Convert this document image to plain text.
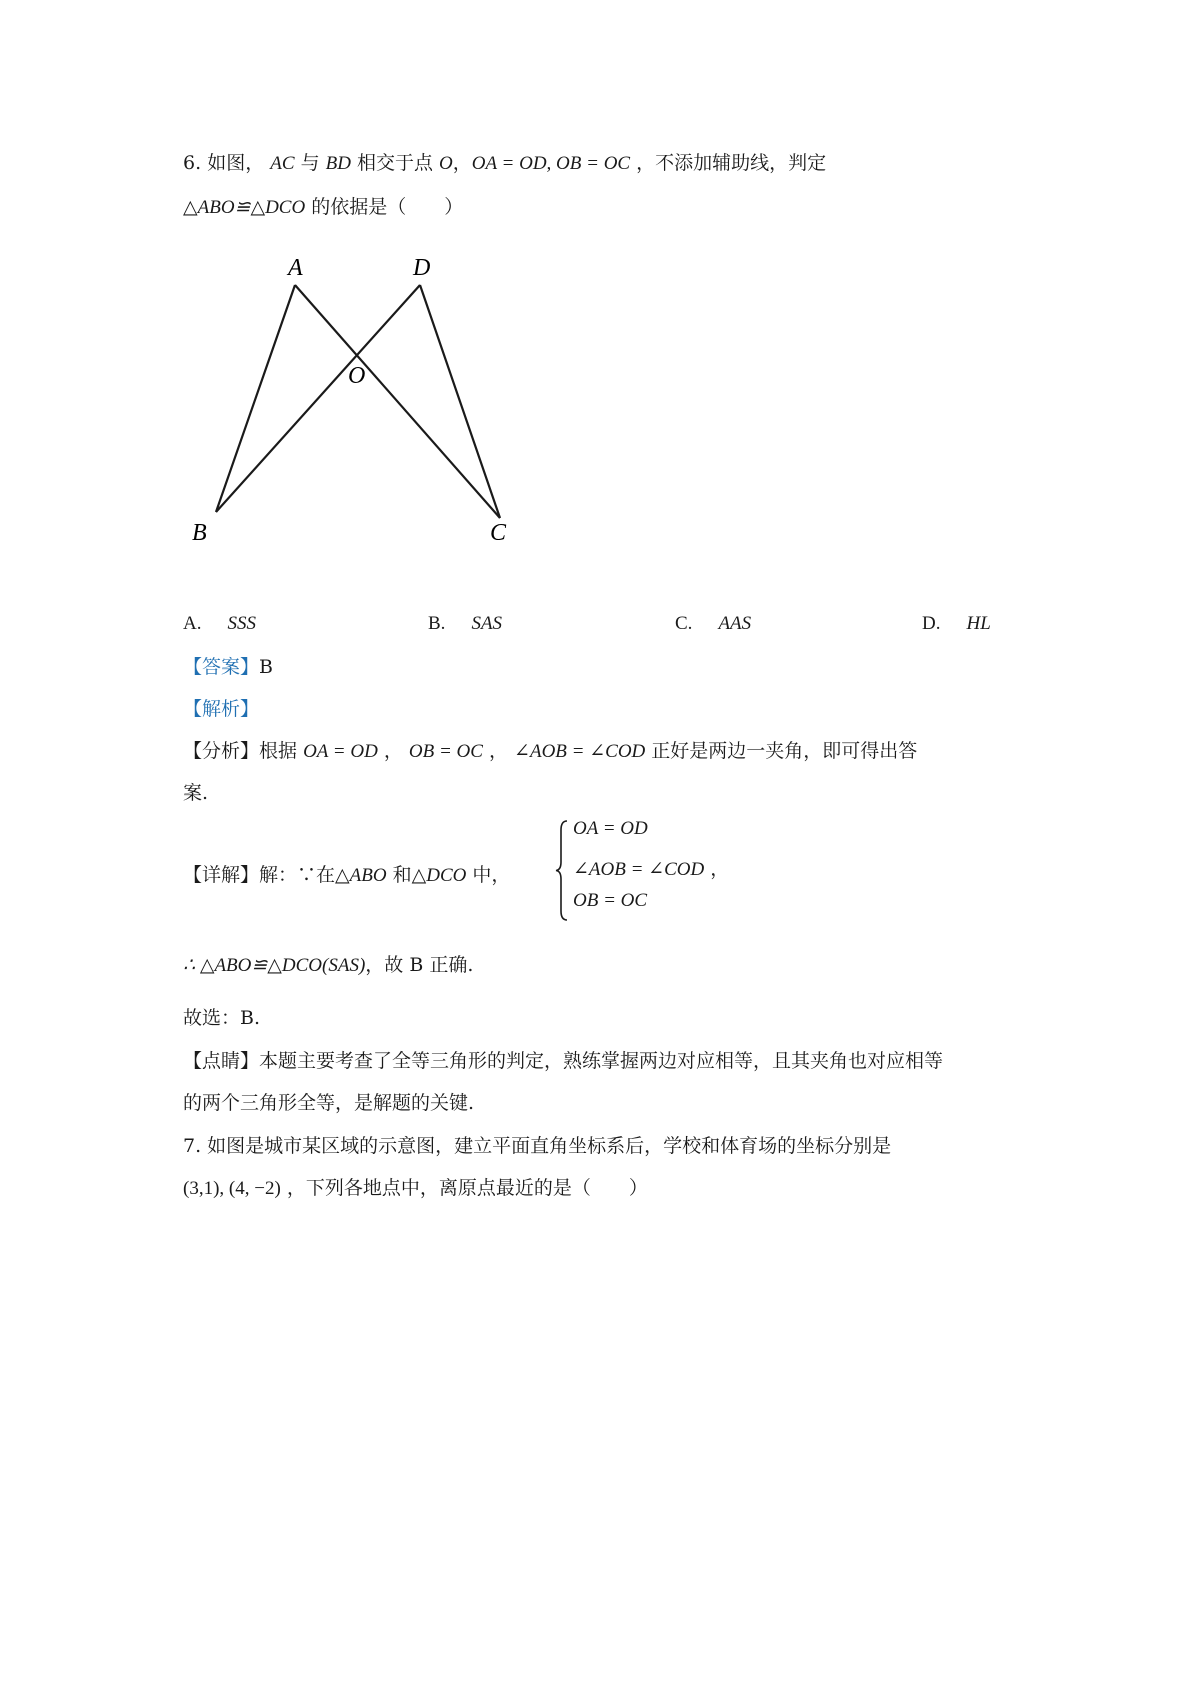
6. 如图， AC 与 BD 相交于点 O，OA = OD, OB = OC ，不添加辅助线，判定
△ABO≌△DCO 的依据是（　　）
A	D
O
B	C
A. SSS	B. SAS	C. AAS	D. HL
【答案】B
【解析】
【分析】根据 OA = OD ， OB = OC ， ∠AOB = ∠COD 正好是两边一夹角，即可得出答
案.
【详解】解：∵在△ABO 和△DCO 中，
OA = OD
∠AOB = ∠COD ，
OB = OC
∴ △ABO≌△DCO(SAS)，故 B 正确.
故选：B.
【点睛】本题主要考查了全等三角形的判定，熟练掌握两边对应相等，且其夹角也对应相等
的两个三角形全等，是解题的关键.
7. 如图是城市某区域的示意图，建立平面直角坐标系后，学校和体育场的坐标分别是
(3,1), (4, −2) ，下列各地点中，离原点最近的是（　　）
